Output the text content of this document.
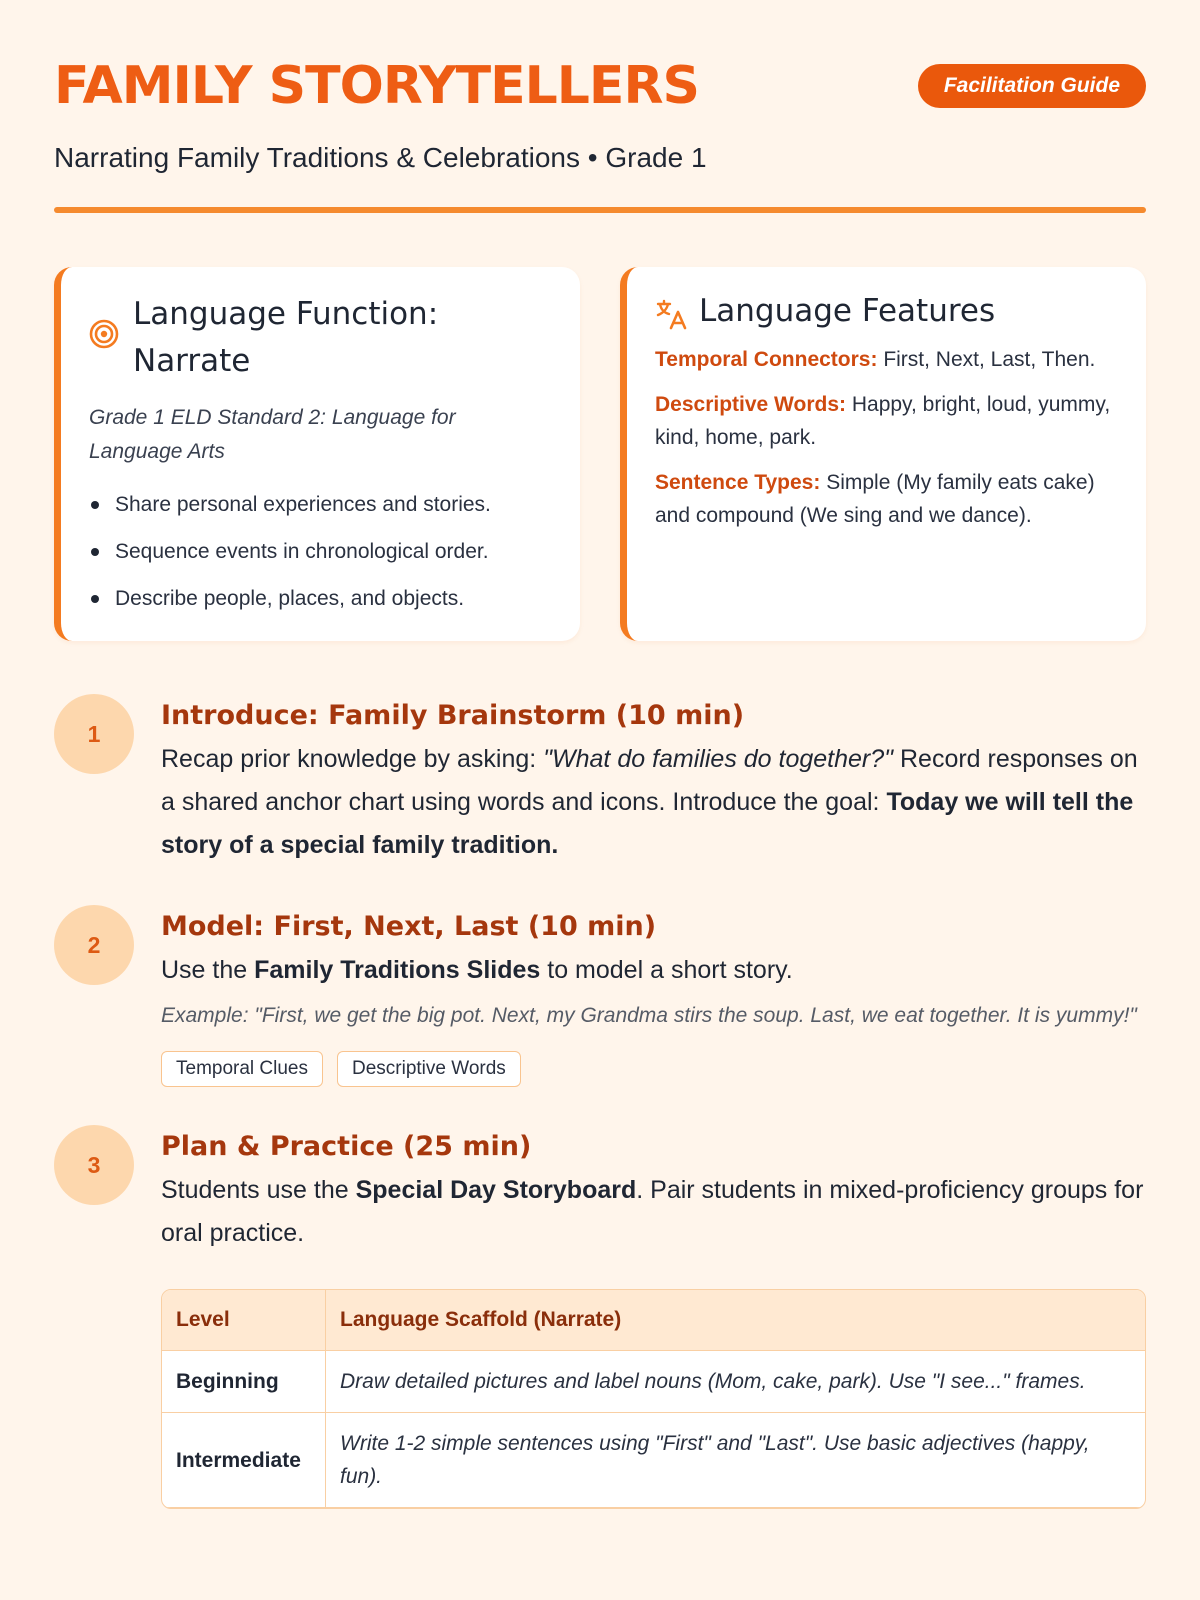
FAMILY STORYTELLERS	Facilitation Guide
Narrating Family Traditions & Celebrations • Grade 1
Language Function: Narrate
Grade 1 ELD Standard 2: Language for Language Arts
Share personal experiences and stories.
Sequence events in chronological order.
Describe people, places, and objects.
Language Features
Temporal Connectors: First, Next, Last, Then.
Descriptive Words: Happy, bright, loud, yummy, kind, home, park.
Sentence Types: Simple (My family eats cake) and compound (We sing and we dance).
1
Introduce: Family Brainstorm (10 min)
Recap prior knowledge by asking: "What do families do together?" Record responses on a shared anchor chart using words and icons. Introduce the goal: Today we will tell the story of a special family tradition.
2
Model: First, Next, Last (10 min)
Use the Family Traditions Slides to model a short story.
Example: "First, we get the big pot. Next, my Grandma stirs the soup. Last, we eat together. It is yummy!"
Temporal Clues	Descriptive Words
3
Plan & Practice (25 min)
Students use the Special Day Storyboard. Pair students in mixed-proficiency groups for oral practice.
Level	Language Scaffold (Narrate)
Beginning	Draw detailed pictures and label nouns (Mom, cake, park). Use "I see..." frames.
Intermediate	Write 1-2 simple sentences using "First" and "Last". Use basic adjectives (happy, fun).
